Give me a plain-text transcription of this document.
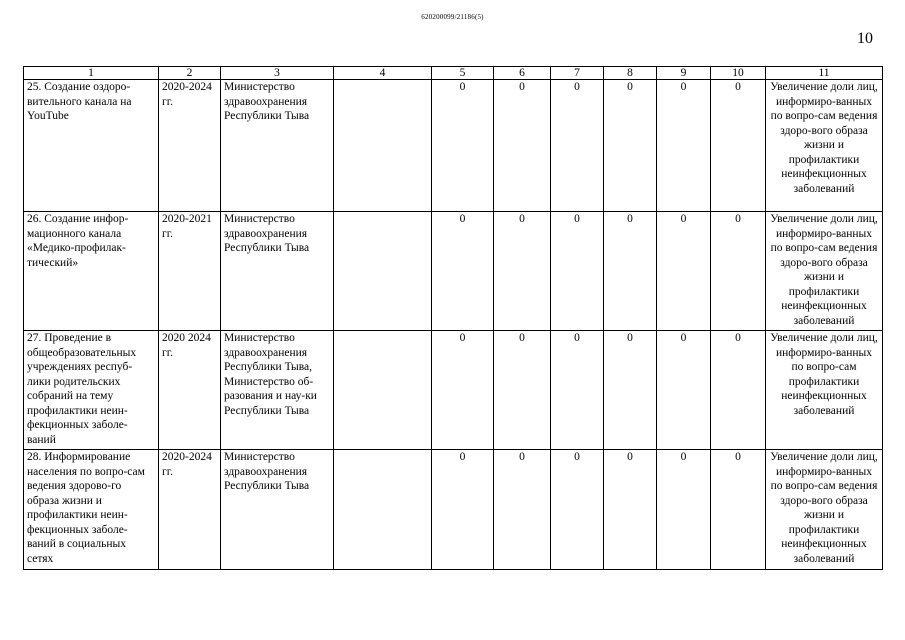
620200099/21186(5)
10
1	2	3	4	5	6	7	8	9	10	11
25. Создание оздоро-вительного канала на YouTube	2020-2024 гг.	Министерство здравоохранения Республики Тыва		0	0	0	0	0	0	Увеличение доли лиц, информиро-ванных по вопро-сам ведения здоро-вого образа жизни и профилактики неинфекционных заболеваний
26. Создание инфор-мационного канала «Медико-профилак-тический»	2020-2021 гг.	Министерство здравоохранения Республики Тыва		0	0	0	0	0	0	Увеличение доли лиц, информиро-ванных по вопро-сам ведения здоро-вого образа жизни и профилактики неинфекционных заболеваний
27. Проведение в общеобразовательных учреждениях респуб-лики родительских собраний на тему профилактики неин-фекционных заболе-ваний	2020 2024 гг.	Министерство здравоохранения Республики Тыва, Министерство об-разования и нау-ки Республики Тыва		0	0	0	0	0	0	Увеличение доли лиц, информиро-ванных по вопро-сам профилактики неинфекционных заболеваний
28. Информирование населения по вопро-сам ведения здорово-го образа жизни и профилактики неин-фекционных заболе-ваний в социальных сетях	2020-2024 гг.	Министерство здравоохранения Республики Тыва		0	0	0	0	0	0	Увеличение доли лиц, информиро-ванных по вопро-сам ведения здоро-вого образа жизни и профилактики неинфекционных заболеваний
